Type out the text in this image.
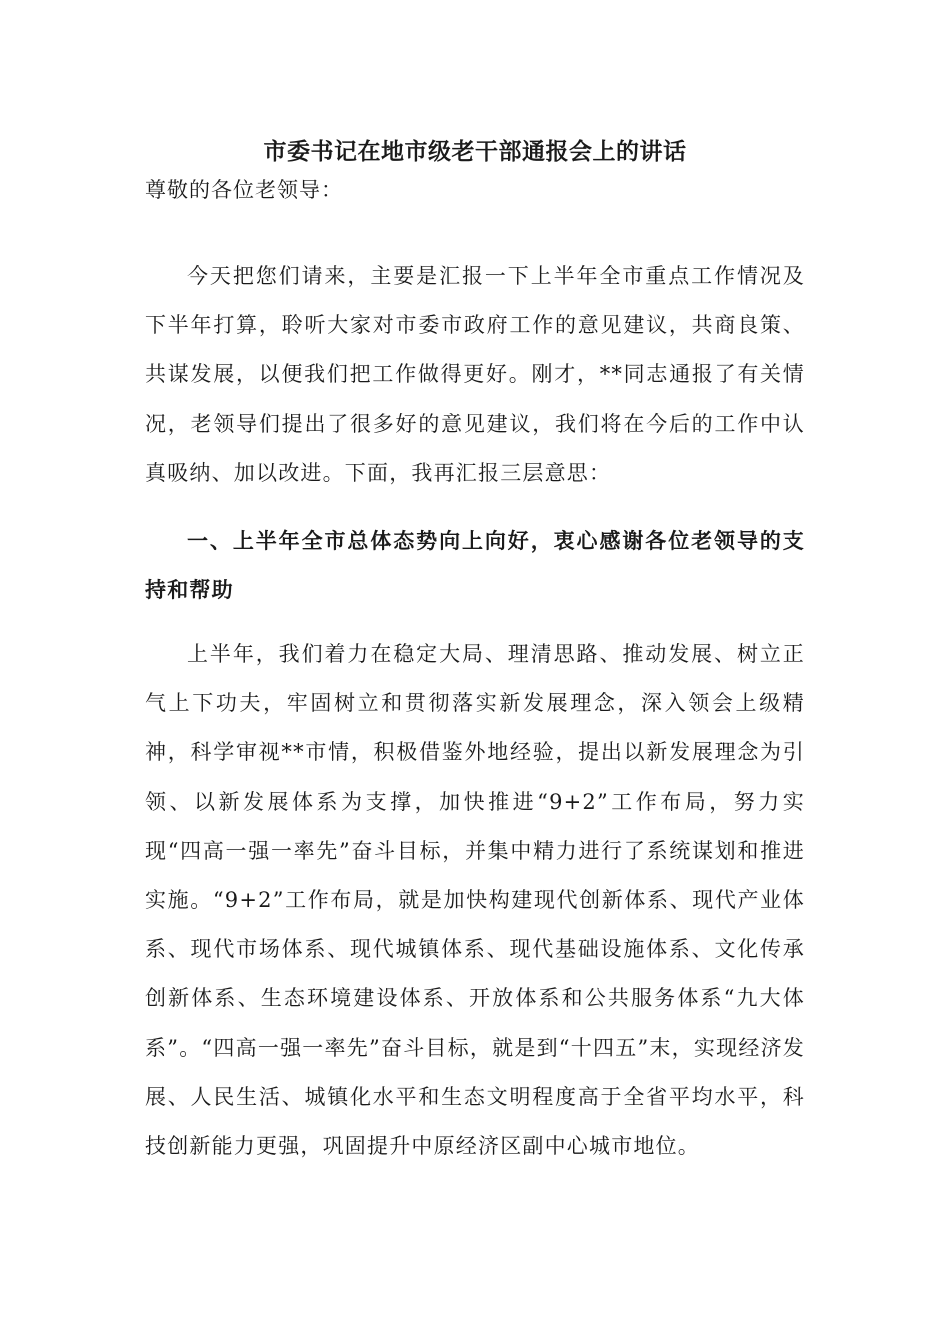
市委书记在地市级老干部通报会上的讲话

尊敬的各位老领导：

今天把您们请来，主要是汇报一下上半年全市重点工作情况及下半年打算，聆听大家对市委市政府工作的意见建议，共商良策、共谋发展，以便我们把工作做得更好。刚才，**同志通报了有关情况，老领导们提出了很多好的意见建议，我们将在今后的工作中认真吸纳、加以改进。下面，我再汇报三层意思：

一、上半年全市总体态势向上向好，衷心感谢各位老领导的支持和帮助

上半年，我们着力在稳定大局、理清思路、推动发展、树立正气上下功夫，牢固树立和贯彻落实新发展理念，深入领会上级精神，科学审视**市情，积极借鉴外地经验，提出以新发展理念为引领、以新发展体系为支撑，加快推进“9+2”工作布局，努力实现“四高一强一率先”奋斗目标，并集中精力进行了系统谋划和推进实施。“9+2”工作布局，就是加快构建现代创新体系、现代产业体系、现代市场体系、现代城镇体系、现代基础设施体系、文化传承创新体系、生态环境建设体系、开放体系和公共服务体系“九大体系”。“四高一强一率先”奋斗目标，就是到“十四五”末，实现经济发展、人民生活、城镇化水平和生态文明程度高于全省平均水平，科技创新能力更强，巩固提升中原经济区副中心城市地位。
